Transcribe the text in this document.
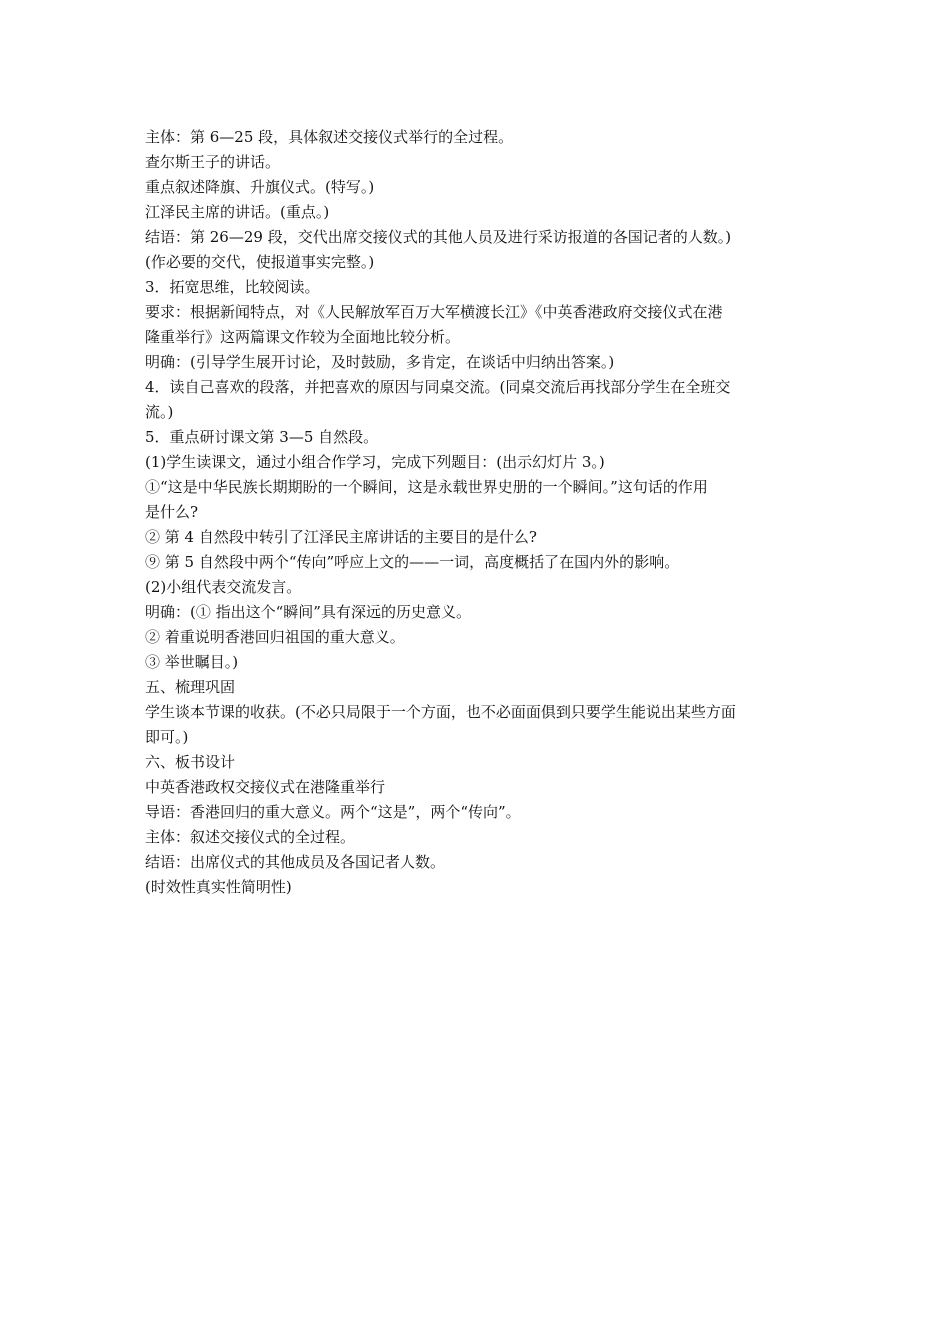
主体：第 6—25 段，具体叙述交接仪式举行的全过程。
查尔斯王子的讲话。
重点叙述降旗、升旗仪式。(特写。)
江泽民主席的讲话。(重点。)
结语：第 26—29 段，交代出席交接仪式的其他人员及进行采访报道的各国记者的人数。)
(作必要的交代，使报道事实完整。)
3．拓宽思维，比较阅读。
要求：根据新闻特点，对《人民解放军百万大军横渡长江》《中英香港政府交接仪式在港
隆重举行》这两篇课文作较为全面地比较分析。
明确：(引导学生展开讨论，及时鼓励，多肯定，在谈话中归纳出答案。)
4．读自己喜欢的段落，并把喜欢的原因与同桌交流。(同桌交流后再找部分学生在全班交
流。)
5．重点研讨课文第 3—5 自然段。
(1)学生读课文，通过小组合作学习，完成下列题目：(出示幻灯片 3。)
①“这是中华民族长期期盼的一个瞬间，这是永载世界史册的一个瞬间。”这句话的作用
是什么?
② 第 4 自然段中转引了江泽民主席讲话的主要目的是什么?
⑨ 第 5 自然段中两个“传向”呼应上文的——一词，高度概括了在国内外的影响。
(2)小组代表交流发言。
明确：(① 指出这个“瞬间”具有深远的历史意义。
② 着重说明香港回归祖国的重大意义。
③ 举世瞩目。)
五、梳理巩固
学生谈本节课的收获。(不必只局限于一个方面，也不必面面俱到只要学生能说出某些方面
即可。)
六、板书设计
中英香港政权交接仪式在港隆重举行
导语：香港回归的重大意义。两个“这是”，两个“传向”。
主体：叙述交接仪式的全过程。
结语：出席仪式的其他成员及各国记者人数。
(时效性真实性简明性)
